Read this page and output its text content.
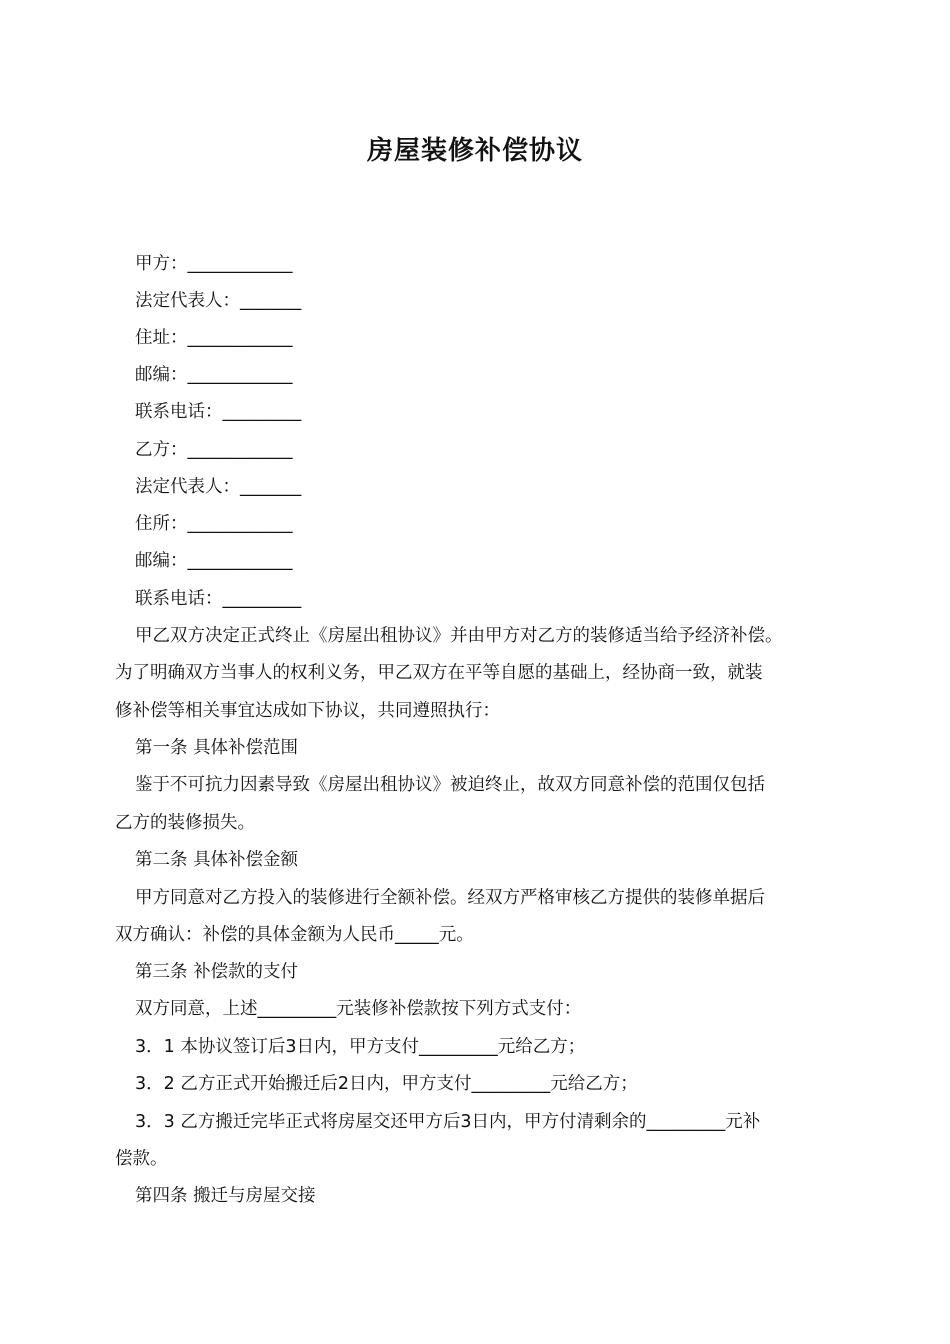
房屋装修补偿协议
甲方：____________
法定代表人：_______
住址：____________
邮编：____________
联系电话：_________
乙方：____________
法定代表人：_______
住所：____________
邮编：____________
联系电话：_________
甲乙双方决定正式终止《房屋出租协议》并由甲方对乙方的装修适当给予经济补偿。
为了明确双方当事人的权利义务，甲乙双方在平等自愿的基础上，经协商一致，就装
修补偿等相关事宜达成如下协议，共同遵照执行：
第一条 具体补偿范围
鉴于不可抗力因素导致《房屋出租协议》被迫终止，故双方同意补偿的范围仅包括
乙方的装修损失。
第二条 具体补偿金额
甲方同意对乙方投入的装修进行全额补偿。经双方严格审核乙方提供的装修单据后
双方确认：补偿的具体金额为人民币_____元。
第三条 补偿款的支付
双方同意，上述_________元装修补偿款按下列方式支付：
3．1 本协议签订后3日内，甲方支付_________元给乙方；
3．2 乙方正式开始搬迁后2日内，甲方支付_________元给乙方；
3．3 乙方搬迁完毕正式将房屋交还甲方后3日内，甲方付清剩余的_________元补
偿款。
第四条 搬迁与房屋交接
